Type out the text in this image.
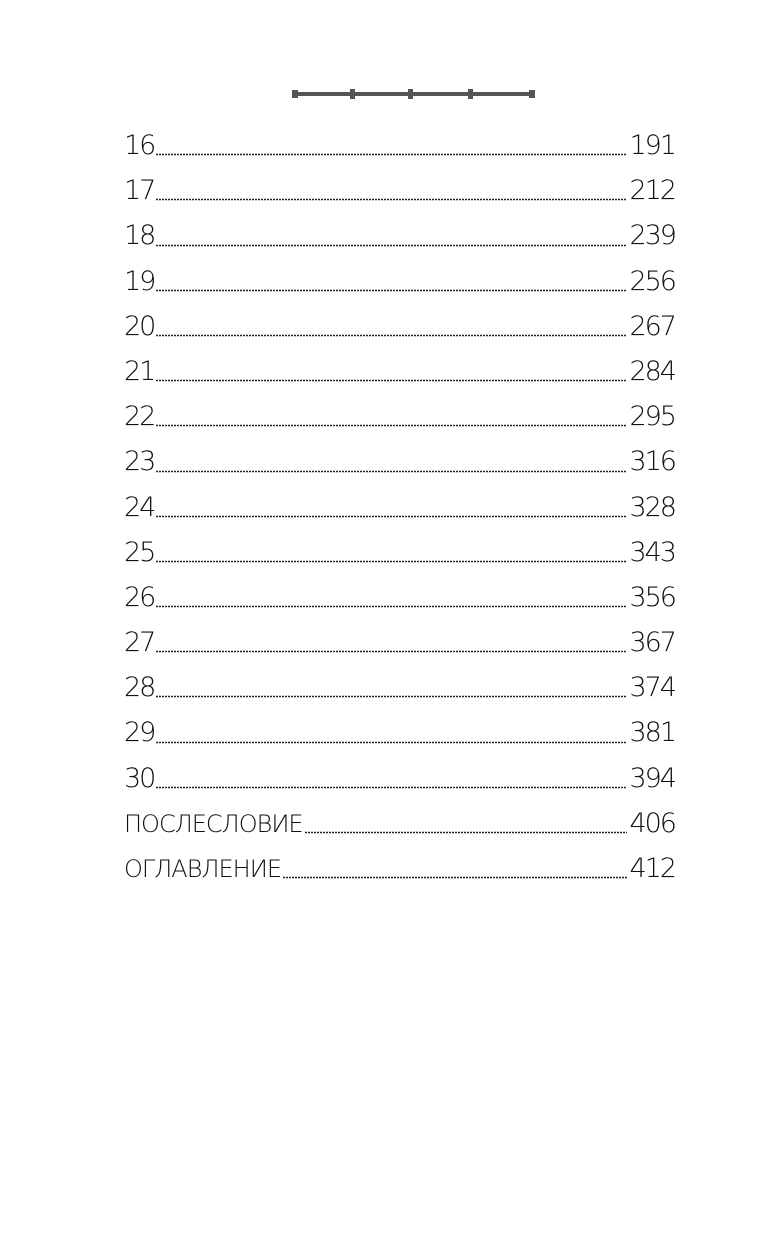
16	191
17	212
18	239
19	256
20	267
21	284
22	295
23	316
24	328
25	343
26	356
27	367
28	374
29	381
30	394
ПОСЛЕСЛОВИЕ	406
ОГЛАВЛЕНИЕ	412
